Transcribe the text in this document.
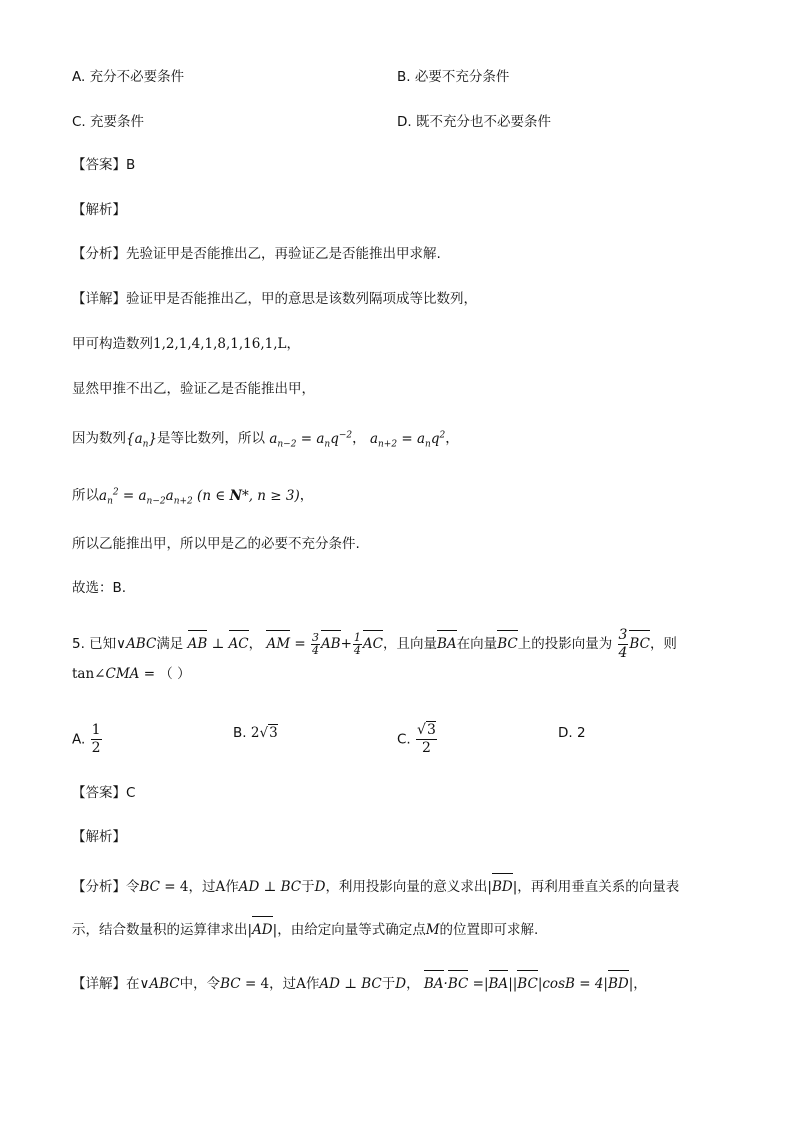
A. 充分不必要条件	B. 必要不充分条件
C. 充要条件	D. 既不充分也不必要条件
【答案】B
【解析】
【分析】先验证甲是否能推出乙，再验证乙是否能推出甲求解.
【详解】验证甲是否能推出乙，甲的意思是该数列隔项成等比数列，
甲可构造数列1,2,1,4,1,8,1,16,1,L，
显然甲推不出乙，验证乙是否能推出甲，
因为数列$\{a_n\}$是等比数列，所以 $a_{n-2} = a_nq^{-2}$， $a_{n+2} = a_nq^2$，
所以$a_n^2 = a_{n-2}a_{n+2}$ (n ∈ N*, n ≥ 3)，
所以乙能推出甲，所以甲是乙的必要不充分条件.
故选：B.
5. 已知∨ABC满足 AB ⊥ AC， AM = $\frac{3}{4} AB+ \frac{1}{4}$ AC，且向量BA在向量BC上的投影向量为 $\frac{3}{4}$ BC，则
tan∠CMA = （ ）
A. $\frac{1}{2}$	B. 2√3	C. $\frac{√3}{2}$	D. 2
【答案】C
【解析】
【分析】令BC = 4，过A作AD ⊥ BC于D，利用投影向量的意义求出|BD|，再利用垂直关系的向量表
示，结合数量积的运算律求出|AD|，由给定向量等式确定点M的位置即可求解.
【详解】在∨ABC中，令BC = 4，过A作AD ⊥ BC于D， BA·BC =|BA||BC|cosB = 4|BD|，
